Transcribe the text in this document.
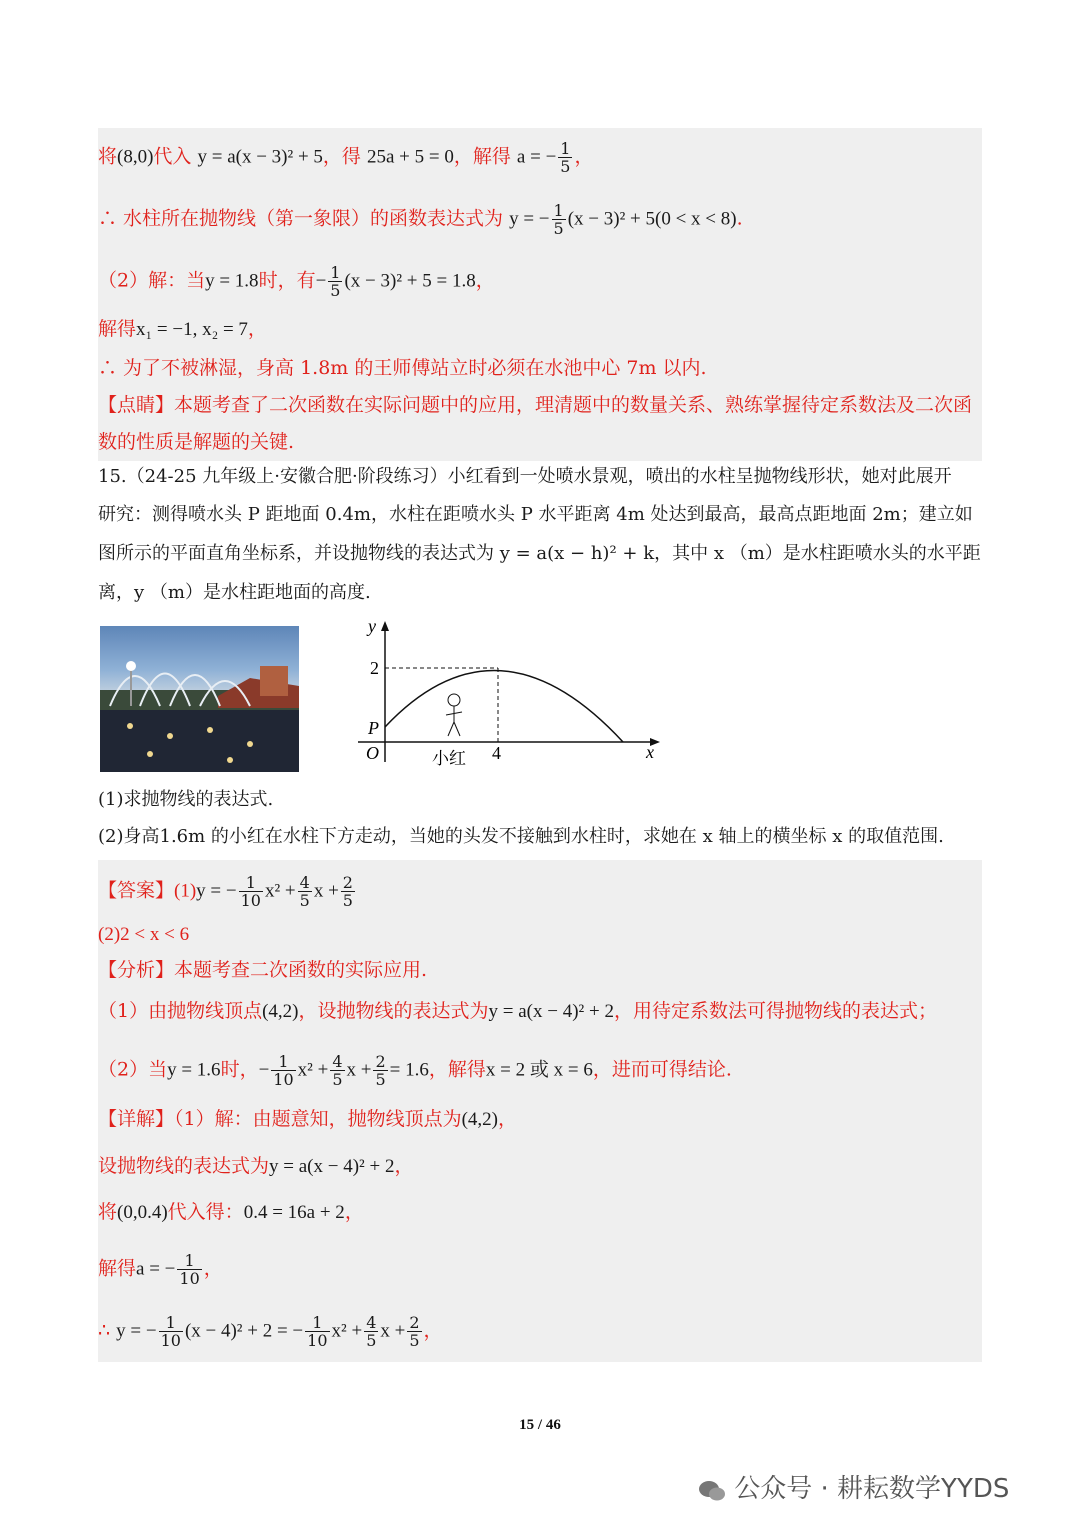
将(8,0)代入 y = a(x − 3)² + 5，得 25a + 5 = 0，解得 a = − $\frac{1}{5}$ ，
∴ 水柱所在抛物线（第一象限）的函数表达式为 y = − $\frac{1}{5} (x - 3)^2 + 5(0 < x < 8)$.
（2）解：当y = 1.8时，有− $\frac{1}{5} (x - 3)^2 + 5 = 1.8$，
解得x₁ = −1, x₂ = 7，
∴ 为了不被淋湿，身高 1.8m 的王师傅站立时必须在水池中心 7m 以内.
【点睛】本题考查了二次函数在实际问题中的应用，理清题中的数量关系、熟练掌握待定系数法及二次函
数的性质是解题的关键.
15.（24-25 九年级上·安徽合肥·阶段练习）小红看到一处喷水景观，喷出的水柱呈抛物线形状，她对此展开
研究：测得喷水头 P 距地面 0.4m，水柱在距喷水头 P 水平距离 4m 处达到最高，最高点距地面 2m；建立如
图所示的平面直角坐标系，并设抛物线的表达式为 y = a(x − h)² + k，其中 x （m）是水柱距喷水头的水平距
离，y （m）是水柱距地面的高度.
y
x
O
P
2
4
小红
(1)求抛物线的表达式.
(2)身高1.6m 的小红在水柱下方走动，当她的头发不接触到水柱时，求她在 x 轴上的横坐标 x 的取值范围.
【答案】(1)y = − $\frac{1}{10} x^2 + \frac{4}{5}$ $x + \frac{2}{5}$
(2)2 < x < 6
【分析】本题考查二次函数的实际应用.
（1）由抛物线顶点(4,2)，设抛物线的表达式为y = a(x − 4)² + 2，用待定系数法可得抛物线的表达式；
（2）当y = 1.6时，− $\frac{1}{10} x^2 + \frac{4}{5}$ $x + \frac{2}{5} = 1.6$，解得x = 2 或 x = 6，进而可得结论.
【详解】（1）解：由题意知，抛物线顶点为(4,2)，
设抛物线的表达式为y = a(x − 4)² + 2，
将(0,0.4)代入得：0.4 = 16a + 2，
解得a = − $\frac{1}{10}$ ，
∴ y = − $\frac{1}{10} (x - 4)^2 + 2$ = − $\frac{1}{10} x^2 + \frac{4}{5}$ $x + \frac{2}{5}$ ，
15 / 46
公众号 · 耕耘数学YYDS
